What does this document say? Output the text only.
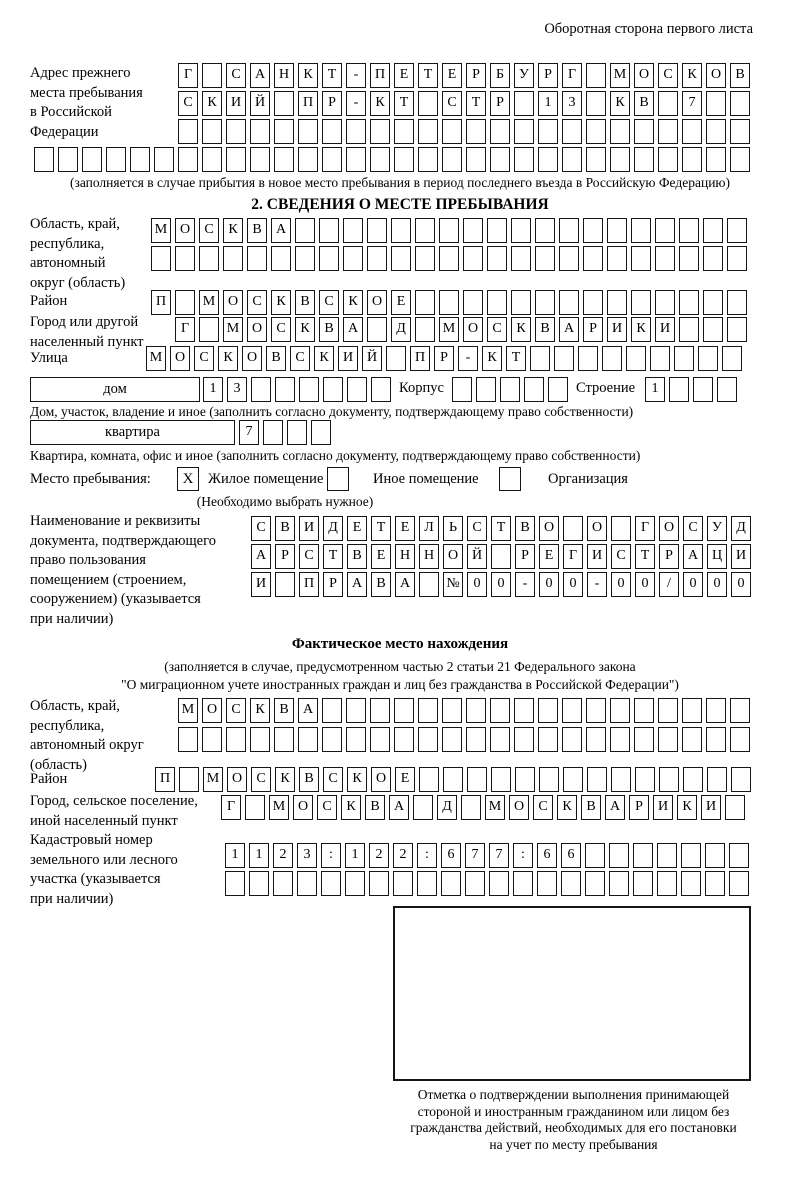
Оборотная сторона первого листа
Адрес прежнего
места пребывания
в Российской
Федерации
Г	С А Н К Т - П Е Т Е Р Б У Р Г	М О С К О В
С К И Й	П Р - К Т	С Т Р	1 3	К В	7
(заполняется в случае прибытия в новое место пребывания в период последнего въезда в Российскую Федерацию)
2. СВЕДЕНИЯ О МЕСТЕ ПРЕБЫВАНИЯ
Область, край,
республика,
автономный
округ (область)
М О С К В А
Район	П	М О С К В С К О Е
Город или другой
населенный пункт
Г	М О С К В А	Д	М О С К В А Р И К И
Улица	М О С К О В С К И Й	П Р - К Т
дом	1 3	Корпус	Строение	1
Дом, участок, владение и иное (заполнить согласно документу, подтверждающему право собственности)
квартира	7
Квартира, комната, офис и иное (заполнить согласно документу, подтверждающему право собственности)
Место пребывания:	X	Жилое помещение	Иное помещение	Организация
(Необходимо выбрать нужное)
Наименование и реквизиты
документа, подтверждающего
право пользования
помещением (строением,
сооружением) (указывается
при наличии)
С В И Д Е Т Е Л Ь С Т В О	О	Г О С У Д
А Р С Т В Е Н Н О Й	Р Е Г И С Т Р А Ц И
И	П Р А В А	№ 0 0 - 0 0 - 0 0 / 0 0 0
Фактическое место нахождения
(заполняется в случае, предусмотренном частью 2 статьи 21 Федерального закона
"О миграционном учете иностранных граждан и лиц без гражданства в Российской Федерации")
Область, край,
республика,
автономный округ
(область)
М О С К В А
Район	П	М О С К В С К О Е
Город, сельское поселение,
иной населенный пункт
Г	М О С К В А	Д	М О С К В А Р И К И
Кадастровый номер
земельного или лесного
участка (указывается
при наличии)
1 1 2 3 : 1 2 2 : 6 7 7 : 6 6
Отметка о подтверждении выполнения принимающей
стороной и иностранным гражданином или лицом без
гражданства действий, необходимых для его постановки
на учет по месту пребывания
